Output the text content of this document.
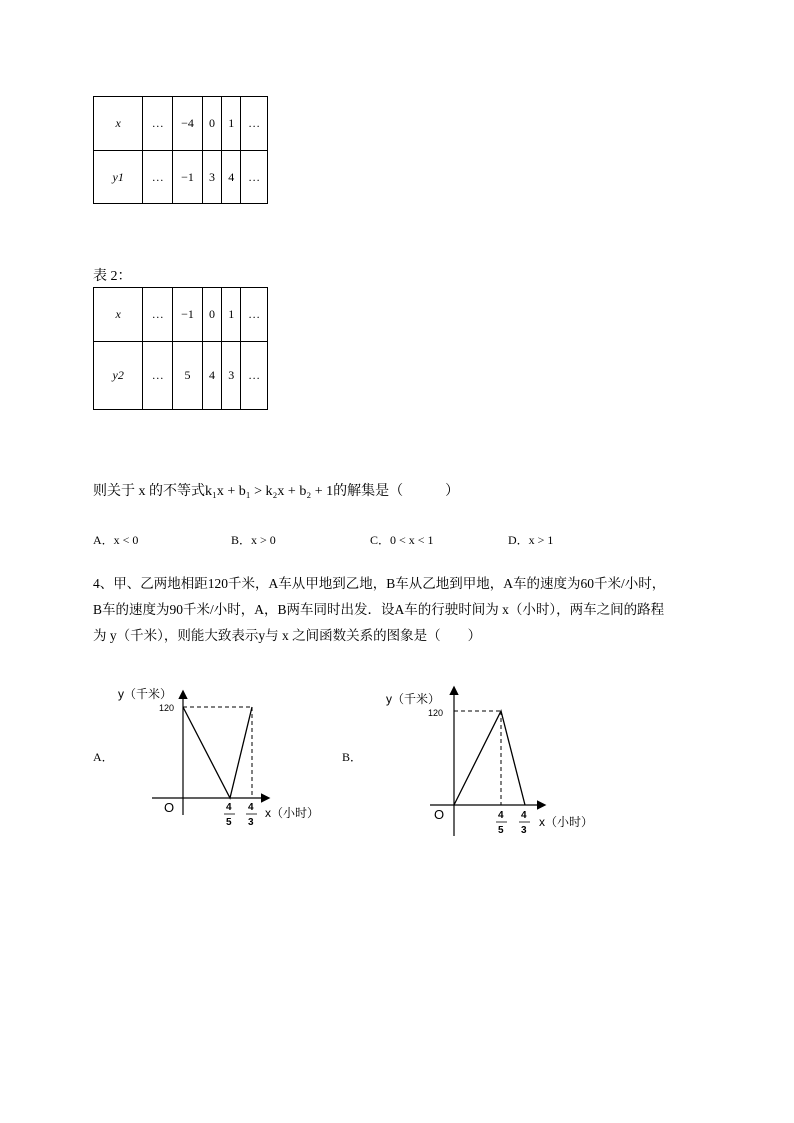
x	…	−4	0	1	…
y1	…	−1	3	4	…
表 2：
x	…	−1	0	1	…
y2	…	5	4	3	…
则关于 x 的不等式k₁x + b₁ > k₂x + b₂ + 1的解集是（　　　）
A．x < 0	B．x > 0	C．0 < x < 1	D．x > 1
4、甲、乙两地相距120千米，A车从甲地到乙地，B车从乙地到甲地，A车的速度为60千米/小时，
B车的速度为90千米/小时，A，B两车同时出发．设A车的行驶时间为 x（小时），两车之间的路程
为 y（千米），则能大致表示y与 x 之间函数关系的图象是（　　）
A．
y（千米）
120
O	4
5
4
3
x（小时）
B．
y（千米）
120
O	4
5
4
3
x（小时）
